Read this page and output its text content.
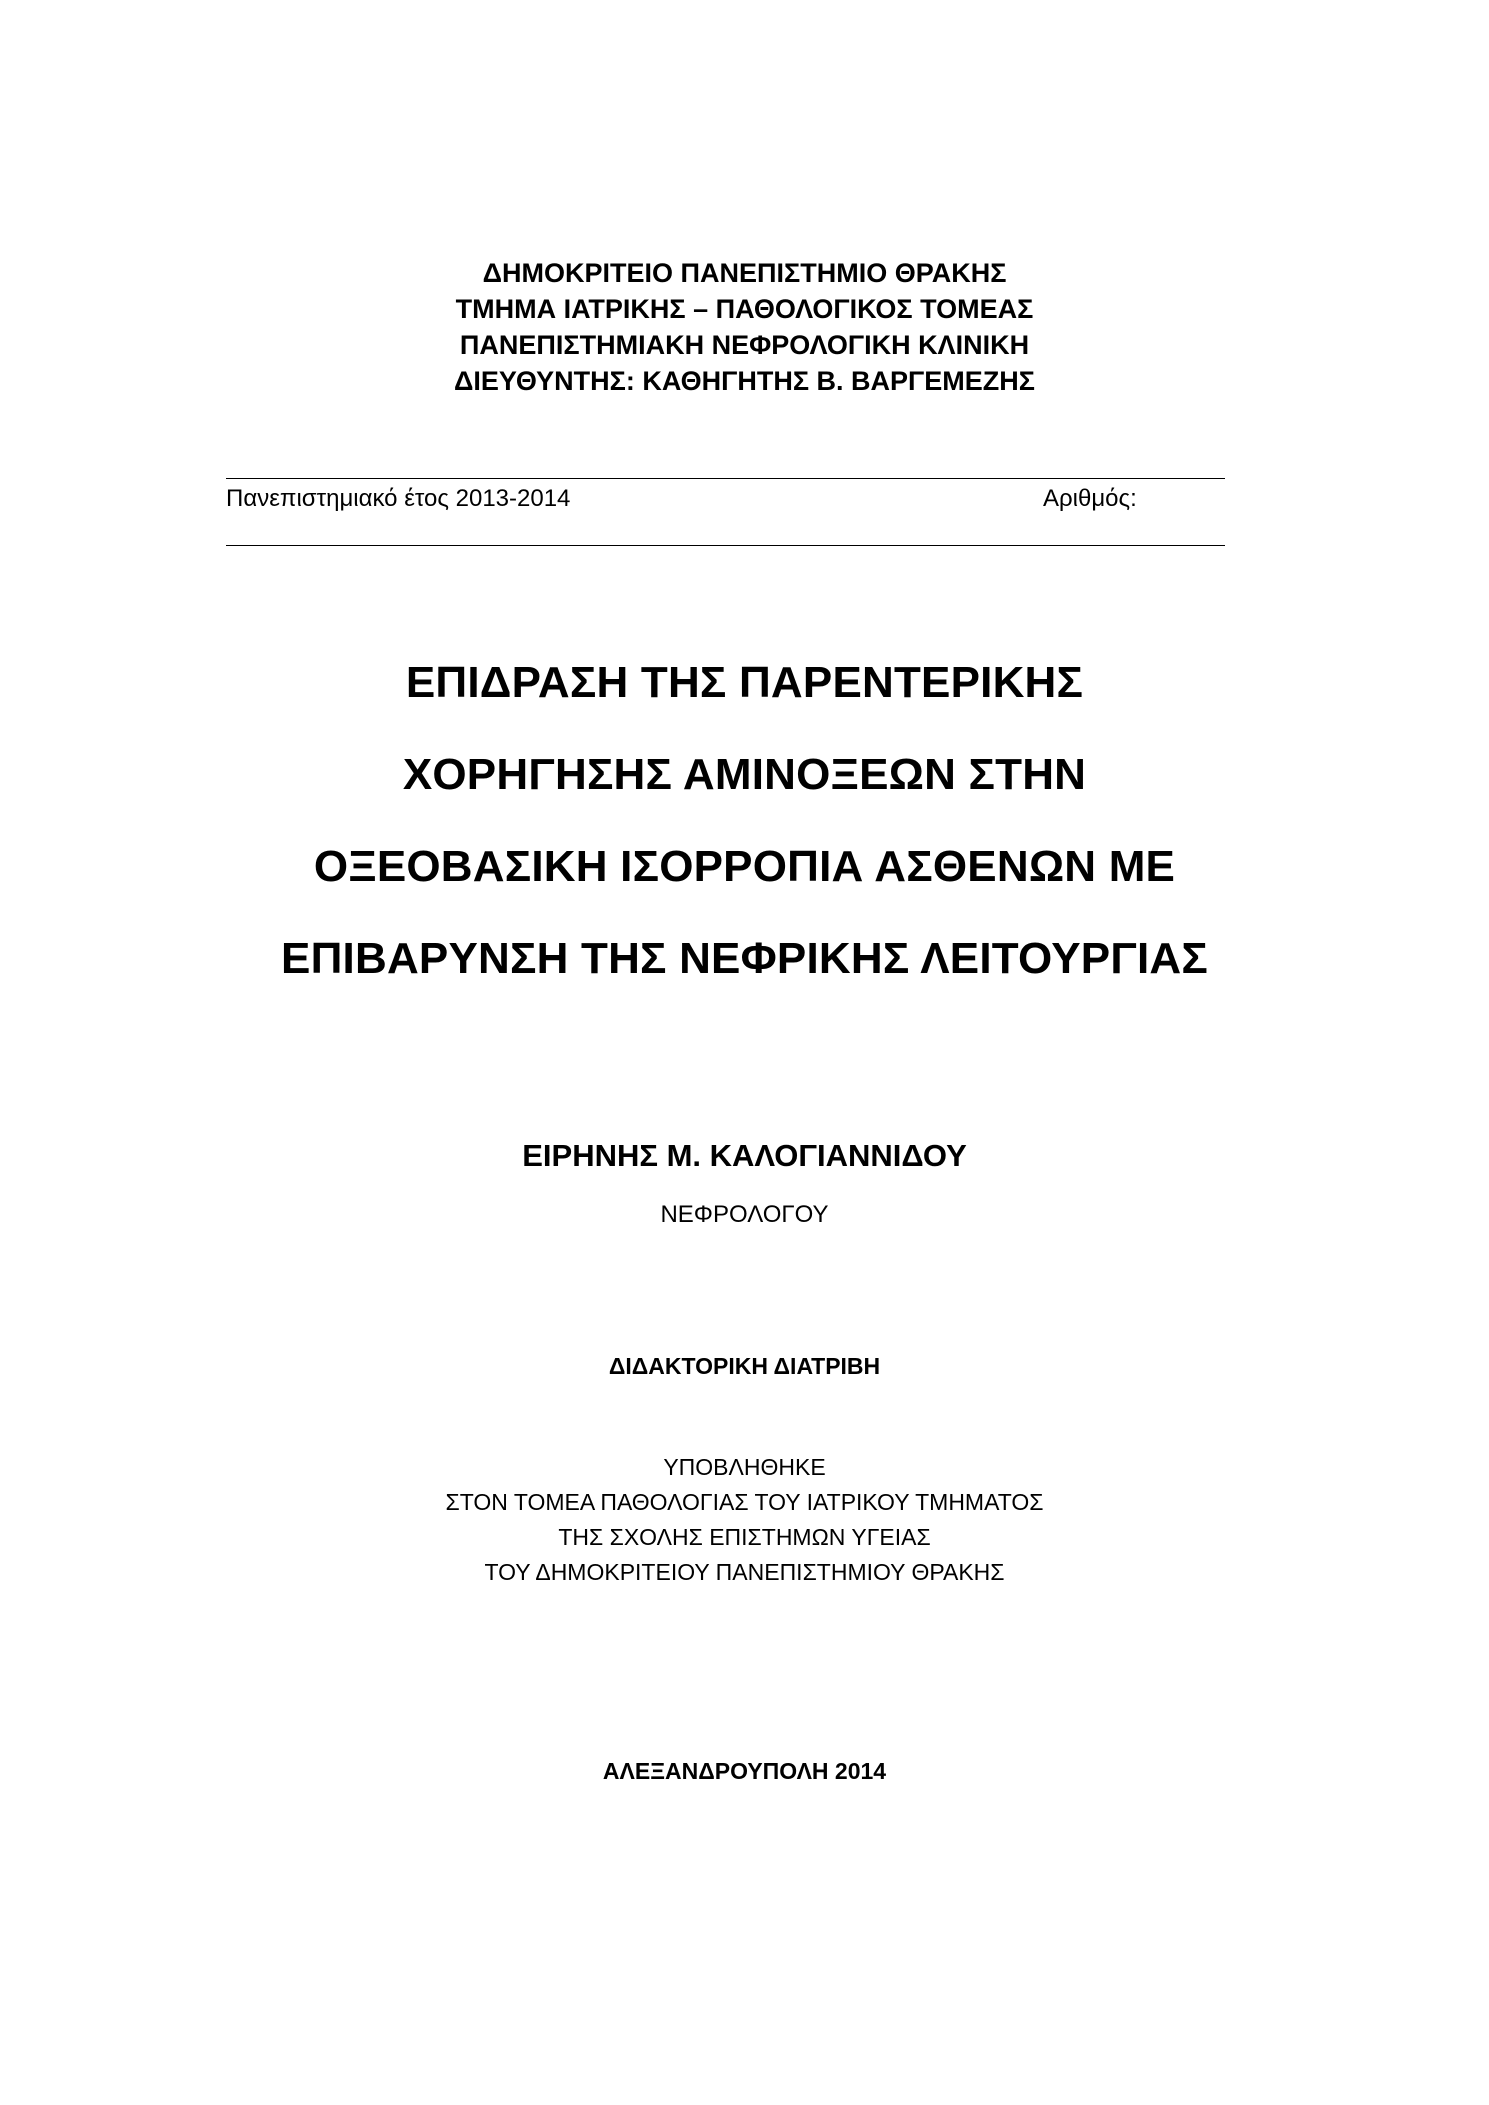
ΔΗΜΟΚΡΙΤΕΙΟ ΠΑΝΕΠΙΣΤΗΜΙΟ ΘΡΑΚΗΣ
ΤΜΗΜΑ ΙΑΤΡΙΚΗΣ – ΠΑΘΟΛΟΓΙΚΟΣ ΤΟΜΕΑΣ
ΠΑΝΕΠΙΣΤΗΜΙΑΚΗ ΝΕΦΡΟΛΟΓΙΚΗ ΚΛΙΝΙΚΗ
ΔΙΕΥΘΥΝΤΗΣ: ΚΑΘΗΓΗΤΗΣ Β. ΒΑΡΓΕΜΕΖΗΣ
Πανεπιστημιακό έτος 2013-2014	Αριθμός:
ΕΠΙΔΡΑΣΗ ΤΗΣ ΠΑΡΕΝΤΕΡΙΚΗΣ
ΧΟΡΗΓΗΣΗΣ ΑΜΙΝΟΞΕΩΝ ΣΤΗΝ
ΟΞΕΟΒΑΣΙΚΗ ΙΣΟΡΡΟΠΙΑ ΑΣΘΕΝΩΝ ΜΕ
ΕΠΙΒΑΡΥΝΣΗ ΤΗΣ ΝΕΦΡΙΚΗΣ ΛΕΙΤΟΥΡΓΙΑΣ
ΕΙΡΗΝΗΣ Μ. ΚΑΛΟΓΙΑΝΝΙΔΟΥ
ΝΕΦΡΟΛΟΓΟΥ
ΔΙΔΑΚΤΟΡΙΚΗ ΔΙΑΤΡΙΒΗ
ΥΠΟΒΛΗΘΗΚΕ
ΣΤΟΝ ΤΟΜΕΑ ΠΑΘΟΛΟΓΙΑΣ ΤΟΥ ΙΑΤΡΙΚΟΥ ΤΜΗΜΑΤΟΣ
ΤΗΣ ΣΧΟΛΗΣ ΕΠΙΣΤΗΜΩΝ ΥΓΕΙΑΣ
ΤΟΥ ΔΗΜΟΚΡΙΤΕΙΟΥ ΠΑΝΕΠΙΣΤΗΜΙΟΥ ΘΡΑΚΗΣ
ΑΛΕΞΑΝΔΡΟΥΠΟΛΗ 2014
